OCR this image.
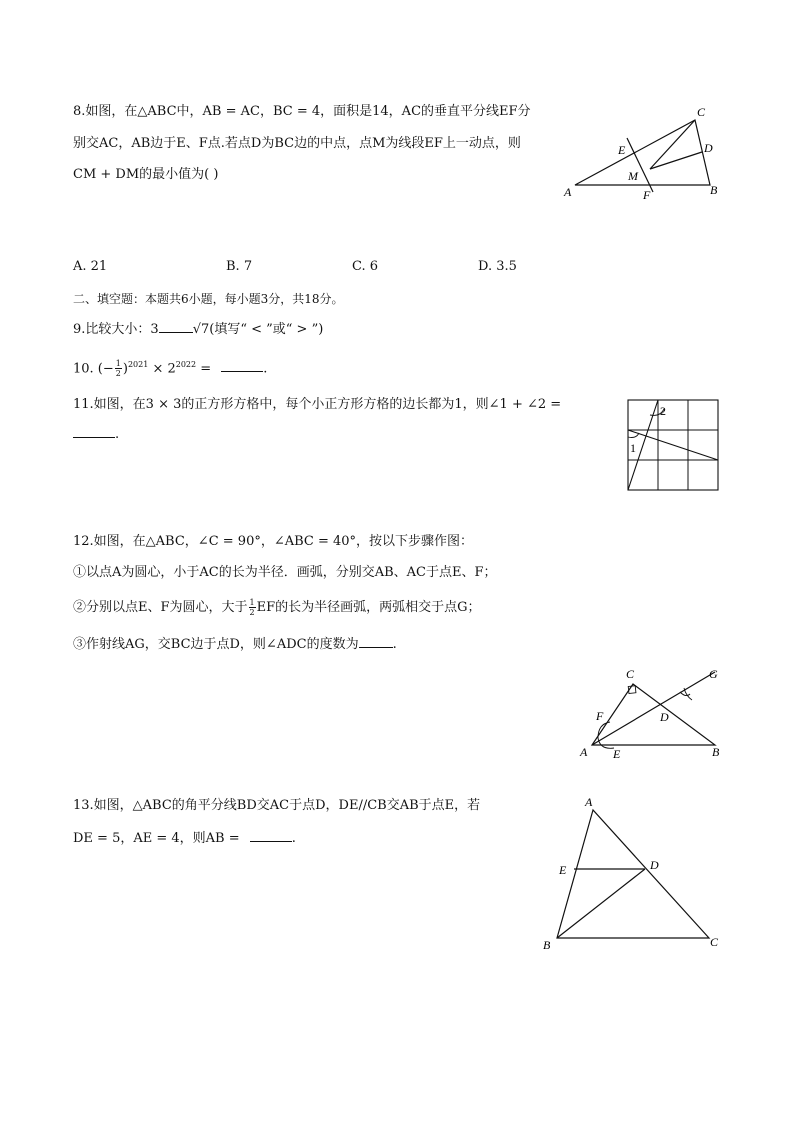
8.如图，在△ABC中，AB = AC，BC = 4，面积是14，AC的垂直平分线EF分
别交AC，AB边于E、F点.若点D为BC边的中点，点M为线段EF上一动点，则
CM + DM的最小值为( )
C
E	D
M
A	F	B
A. 21	B. 7	C. 6	D. 3.5
二、填空题：本题共6小题，每小题3分，共18分。
9.比较大小：3	√7(填写“ < ”或“ > ”)
10. (− $\frac{1}{2} )^{2021} \times 2^{2022}$ =	.
11.如图，在3 × 3的正方形方格中，每个小正方形方格的边长都为1，则∠1 + ∠2 =
.
2
1
12.如图，在△ABC，∠C = 90°，∠ABC = 40°，按以下步骤作图：
①以点A为圆心，小于AC的长为半径．画弧，分别交AB、AC于点E、F；
②分别以点E、F为圆心，大于 $\frac{1}{2}$ EF的长为半径画弧，两弧相交于点G；
③作射线AG，交BC边于点D，则∠ADC的度数为	.
C	G
F	D
A E	B
13.如图，△ABC的角平分线BD交AC于点D，DE//CB交AB于点E，若
DE = 5，AE = 4，则AB =	.
A
E	D
B	C
